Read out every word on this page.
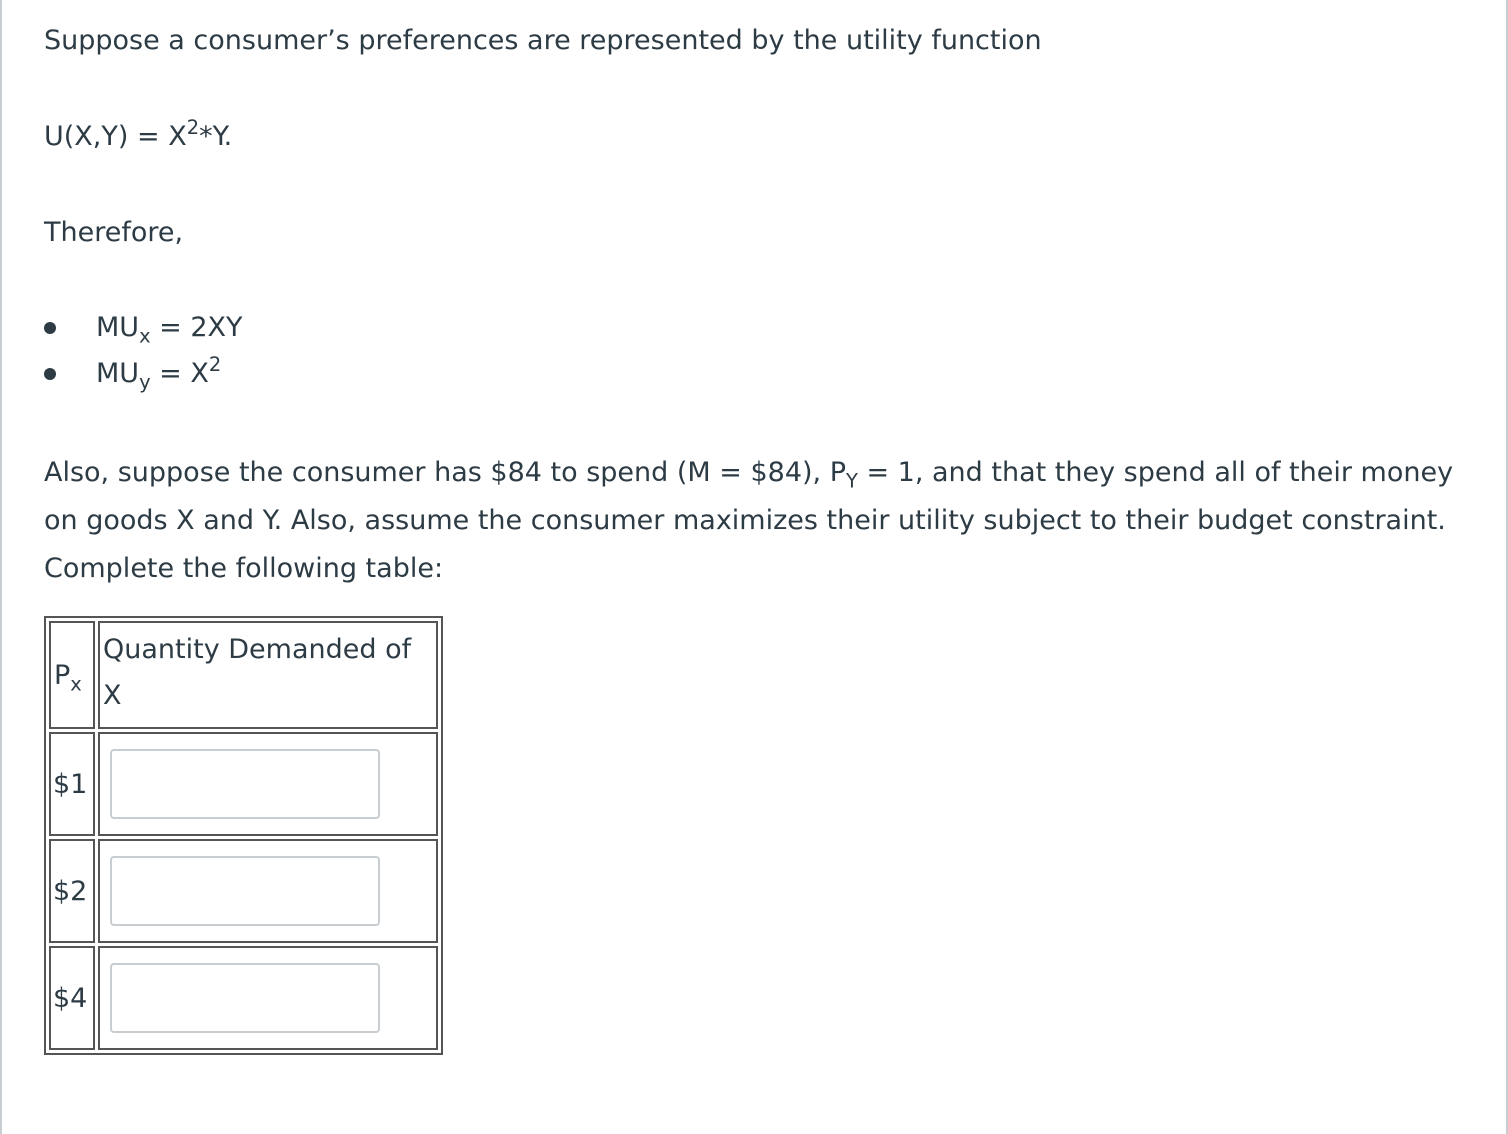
Suppose a consumer’s preferences are represented by the utility function
$U(X,Y) = X^2*Y$.
Therefore,
$MU_x = 2XY$
$MU_y = X^2$

Also, suppose the consumer has $84 to spend (M = $84), $P_Y = 1$, and that they spend all of their money on goods X and Y. Also, assume the consumer maximizes their utility subject to their budget constraint. Complete the following table:

$P_x$	Quantity Demanded of X
$1	

$2	

$4	
